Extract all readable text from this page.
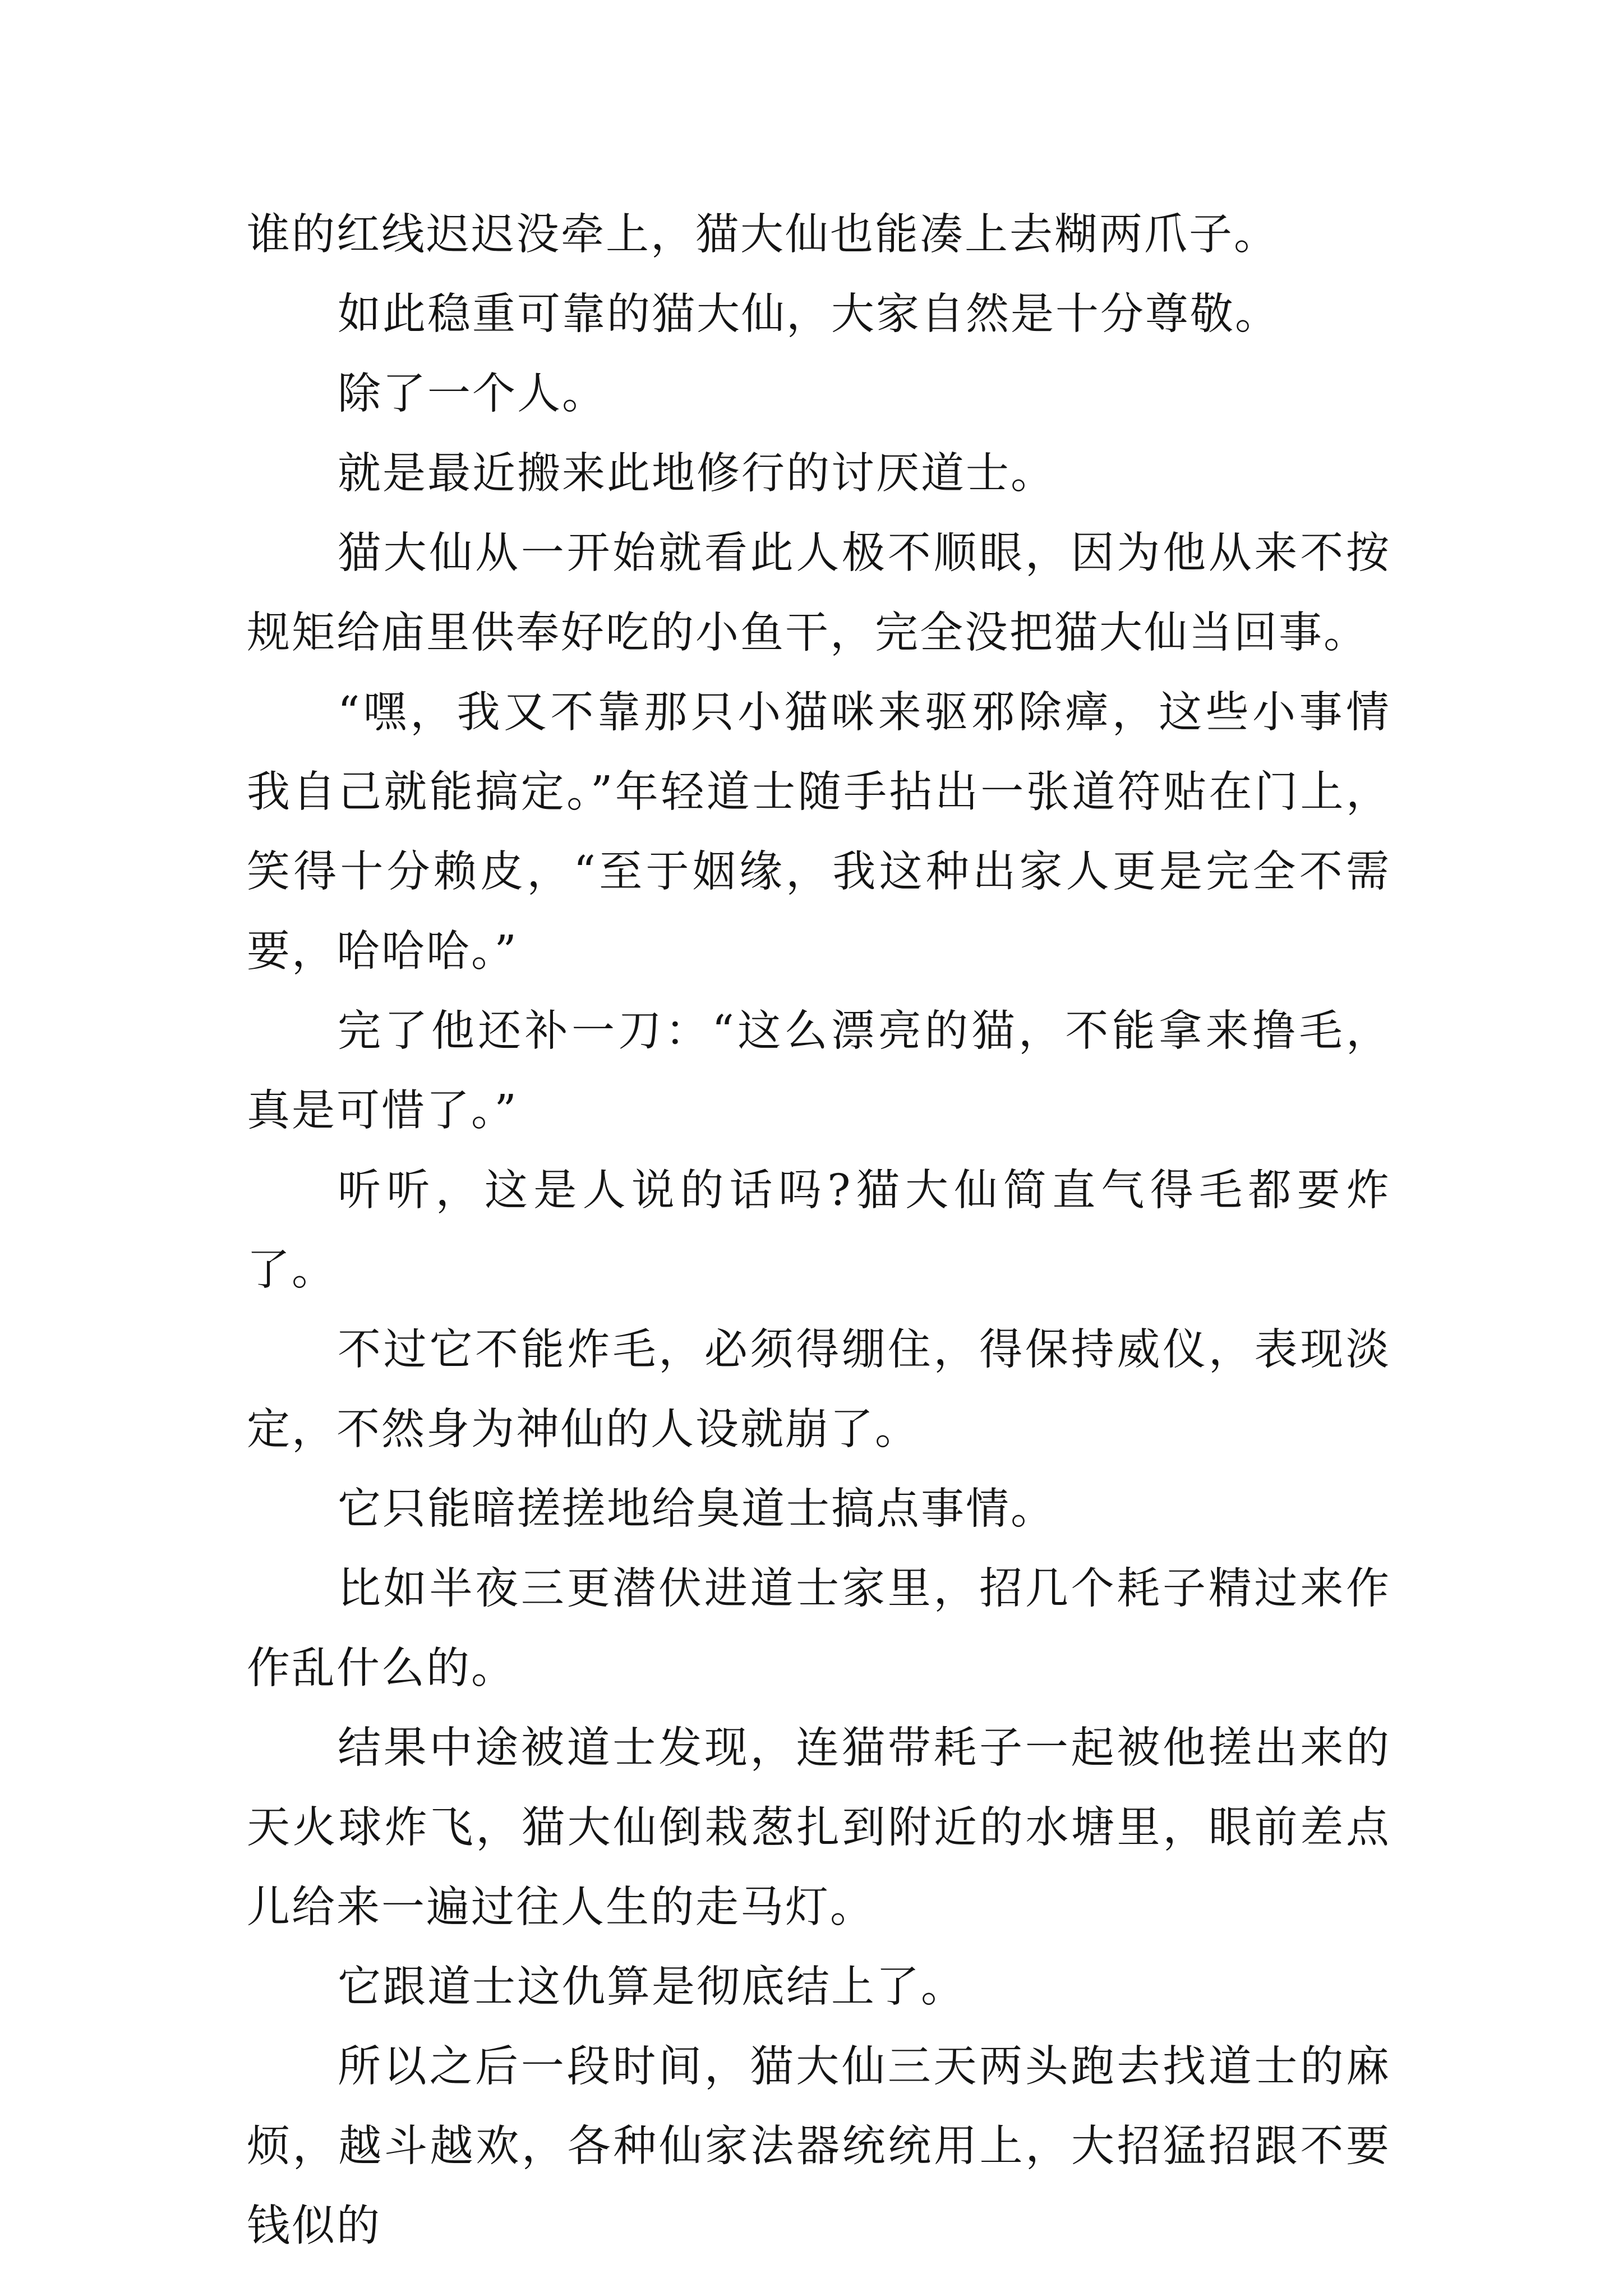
谁的红线迟迟没牵上，猫大仙也能凑上去糊两爪子。

如此稳重可靠的猫大仙，大家自然是十分尊敬。

除了一个人。

就是最近搬来此地修行的讨厌道士。

猫大仙从一开始就看此人极不顺眼，因为他从来不按规矩给庙里供奉好吃的小鱼干，完全没把猫大仙当回事。

“嘿，我又不靠那只小猫咪来驱邪除瘴，这些小事情我自己就能搞定。”年轻道士随手拈出一张道符贴在门上，笑得十分赖皮，“至于姻缘，我这种出家人更是完全不需要，哈哈哈。”

完了他还补一刀：“这么漂亮的猫，不能拿来撸毛，真是可惜了。”

听听，这是人说的话吗?猫大仙简直气得毛都要炸了。

不过它不能炸毛，必须得绷住，得保持威仪，表现淡定，不然身为神仙的人设就崩了。

它只能暗搓搓地给臭道士搞点事情。

比如半夜三更潜伏进道士家里，招几个耗子精过来作作乱什么的。

结果中途被道士发现，连猫带耗子一起被他搓出来的天火球炸飞，猫大仙倒栽葱扎到附近的水塘里，眼前差点儿给来一遍过往人生的走马灯。

它跟道士这仇算是彻底结上了。

所以之后一段时间，猫大仙三天两头跑去找道士的麻烦，越斗越欢，各种仙家法器统统用上，大招猛招跟不要钱似的
